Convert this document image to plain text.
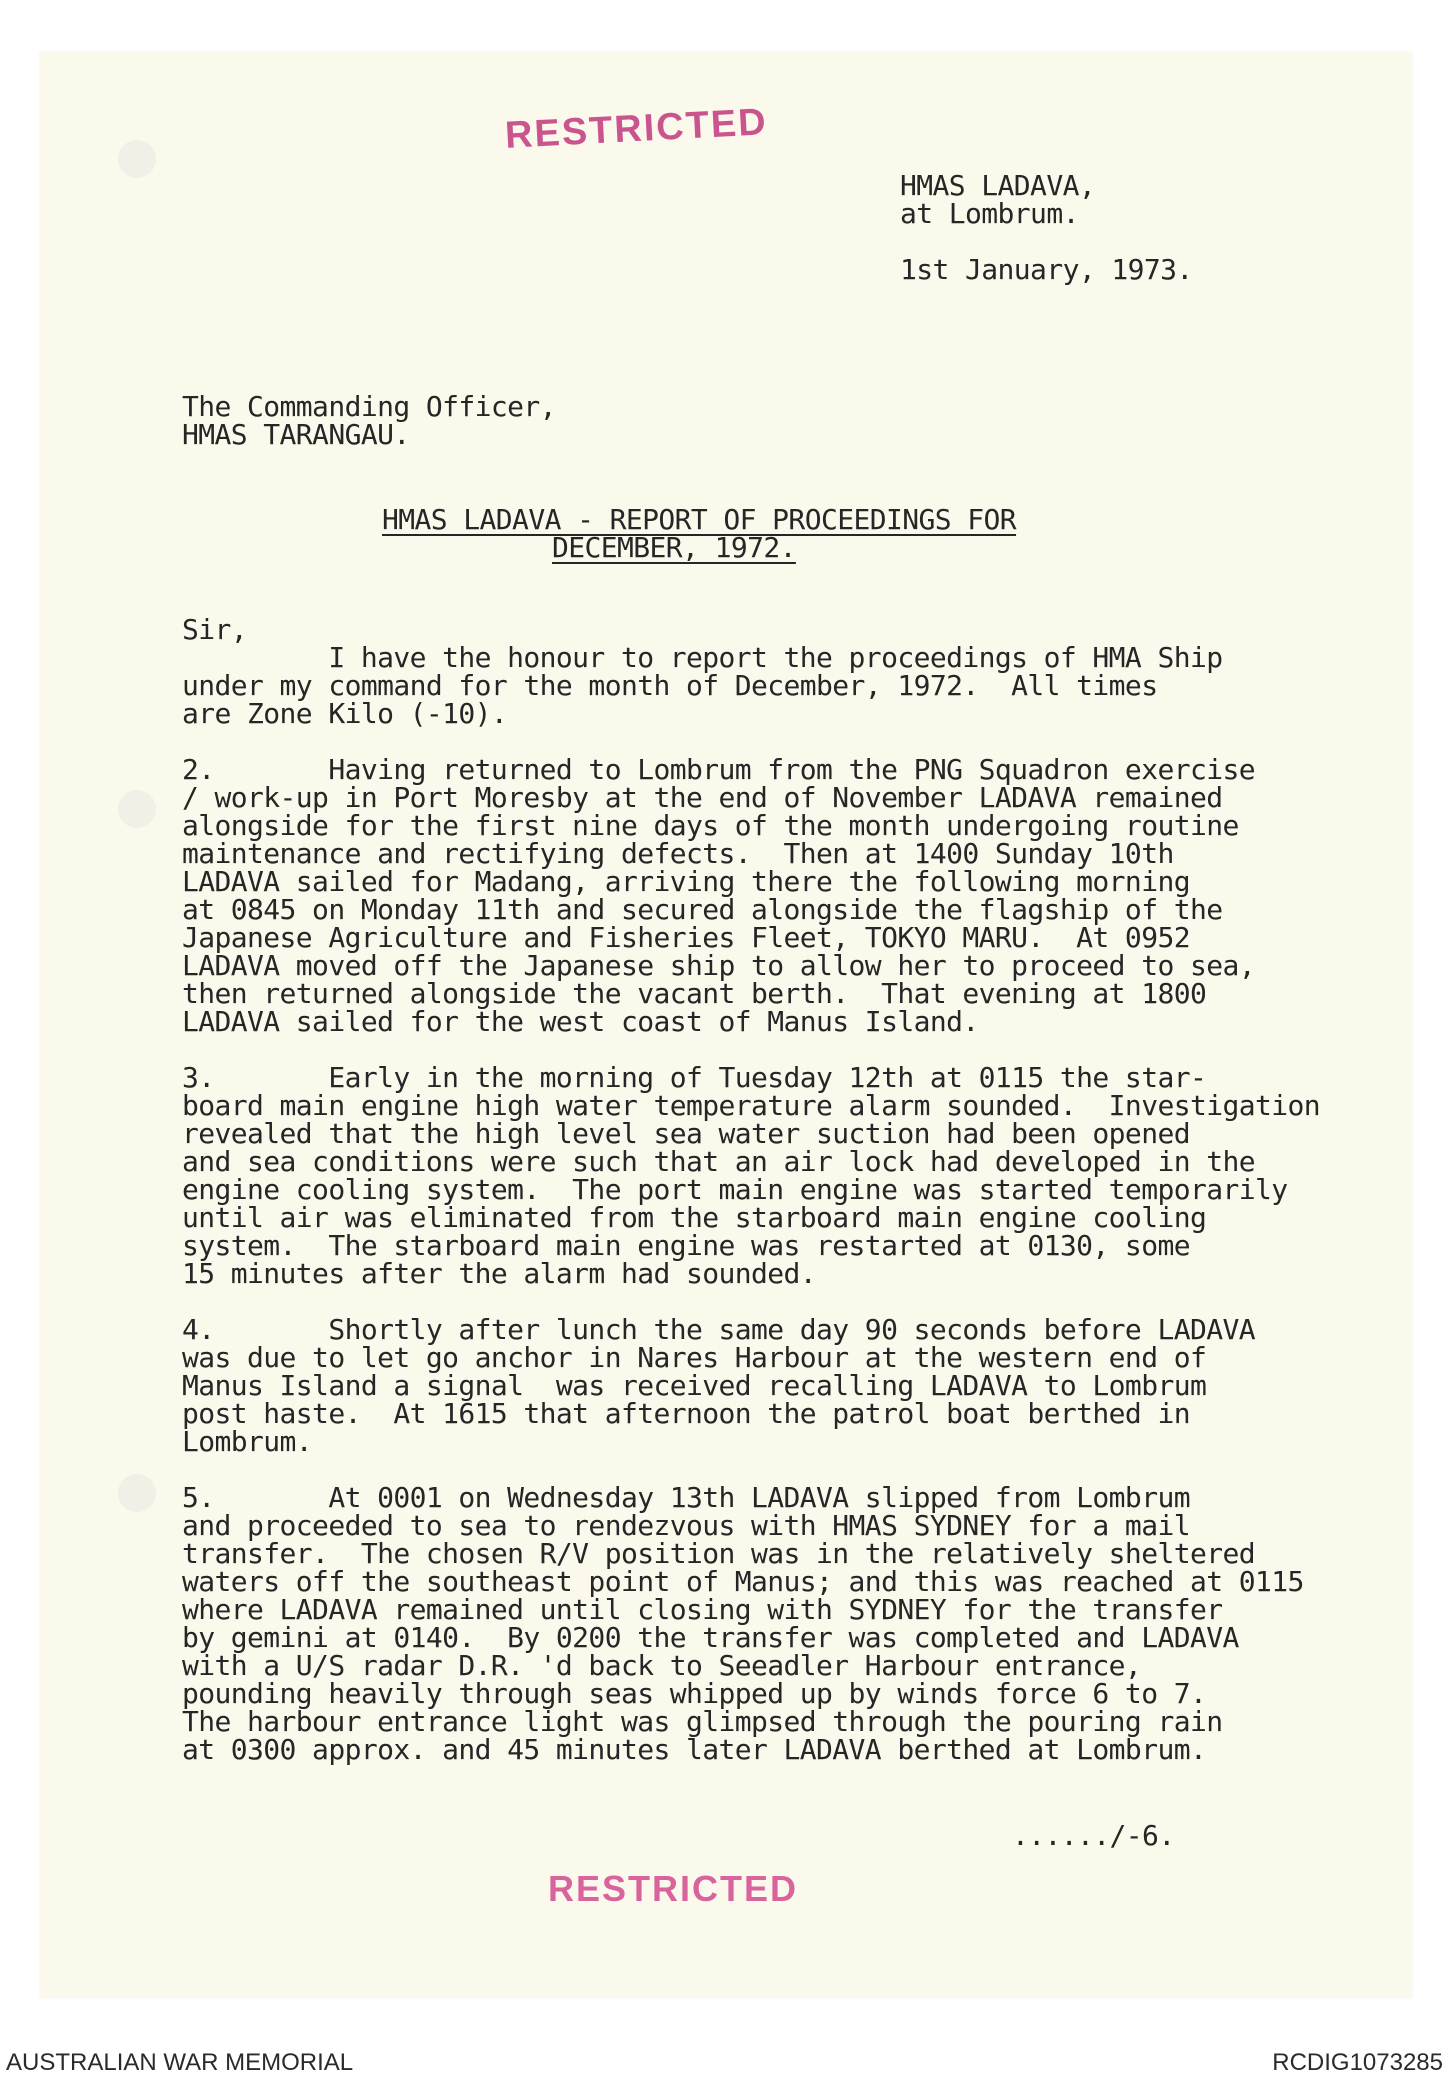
RESTRICTED
HMAS LADAVA,
at Lombrum.
1st January, 1973.
The Commanding Officer,
HMAS TARANGAU.
HMAS LADAVA - REPORT OF PROCEEDINGS FOR
DECEMBER, 1972.
Sir,
I have the honour to report the proceedings of HMA Ship
under my command for the month of December, 1972.  All times
are Zone Kilo (-10).
2.       Having returned to Lombrum from the PNG Squadron exercise
/ work-up in Port Moresby at the end of November LADAVA remained
alongside for the first nine days of the month undergoing routine
maintenance and rectifying defects.  Then at 1400 Sunday 10th
LADAVA sailed for Madang, arriving there the following morning
at 0845 on Monday 11th and secured alongside the flagship of the
Japanese Agriculture and Fisheries Fleet, TOKYO MARU.  At 0952
LADAVA moved off the Japanese ship to allow her to proceed to sea,
then returned alongside the vacant berth.  That evening at 1800
LADAVA sailed for the west coast of Manus Island.
3.       Early in the morning of Tuesday 12th at 0115 the star-
board main engine high water temperature alarm sounded.  Investigation
revealed that the high level sea water suction had been opened
and sea conditions were such that an air lock had developed in the
engine cooling system.  The port main engine was started temporarily
until air was eliminated from the starboard main engine cooling
system.  The starboard main engine was restarted at 0130, some
15 minutes after the alarm had sounded.
4.       Shortly after lunch the same day 90 seconds before LADAVA
was due to let go anchor in Nares Harbour at the western end of
Manus Island a signal  was received recalling LADAVA to Lombrum
post haste.  At 1615 that afternoon the patrol boat berthed in
Lombrum.
5.       At 0001 on Wednesday 13th LADAVA slipped from Lombrum
and proceeded to sea to rendezvous with HMAS SYDNEY for a mail
transfer.  The chosen R/V position was in the relatively sheltered
waters off the southeast point of Manus; and this was reached at 0115
where LADAVA remained until closing with SYDNEY for the transfer
by gemini at 0140.  By 0200 the transfer was completed and LADAVA
with a U/S radar D.R. 'd back to Seeadler Harbour entrance,
pounding heavily through seas whipped up by winds force 6 to 7.
The harbour entrance light was glimpsed through the pouring rain
at 0300 approx. and 45 minutes later LADAVA berthed at Lombrum.
....../-6.
RESTRICTED
AUSTRALIAN WAR MEMORIAL	RCDIG1073285
